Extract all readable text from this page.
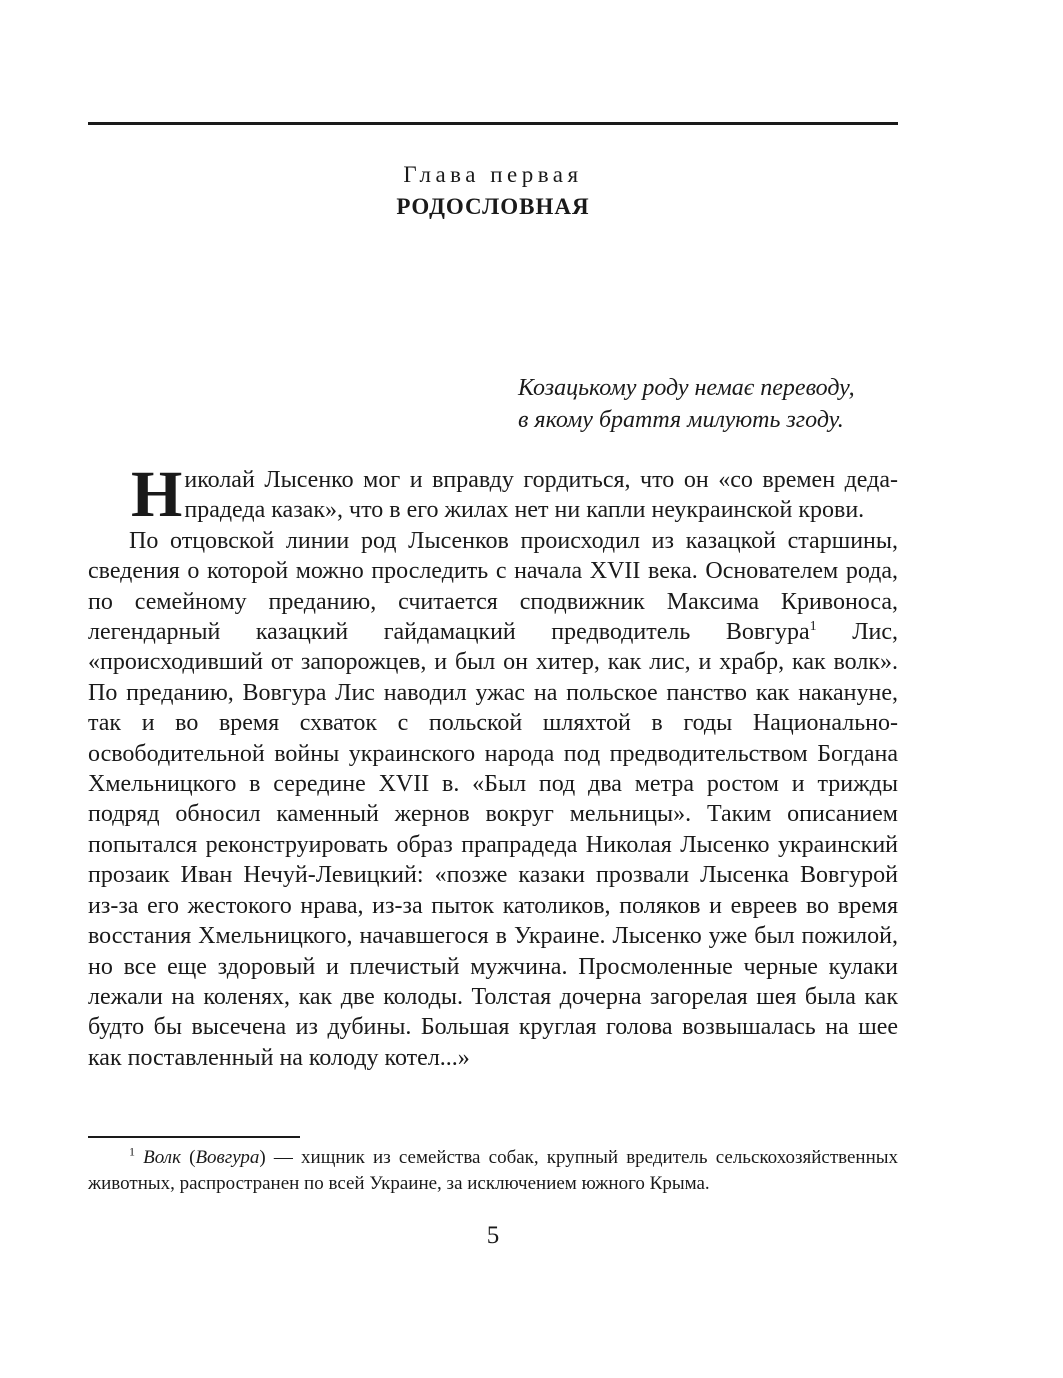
Глава первая
РОДОСЛОВНАЯ
Козацькому роду немає переводу,
в якому браття милують згоду.

Николай Лысенко мог и вправду гордиться, что он «со времен деда-прадеда казак», что в его жилах нет ни капли неукраинской крови.

По отцовской линии род Лысенков происходил из казацкой старшины, сведения о которой можно проследить с начала XVII века. Основателем рода, по семейному преданию, считается сподвижник Максима Кривоноса, легендарный казацкий гайдамацкий предводитель Вовгура$^1$ Лис, «происходивший от запорожцев, и был он хитер, как лис, и храбр, как волк». По преданию, Вовгура Лис наводил ужас на польское панство как накануне, так и во время схваток с польской шляхтой в годы Национально-освободительной войны украинского народа под предводительством Богдана Хмельницкого в середине XVII в. «Был под два метра ростом и трижды подряд обносил каменный жернов вокруг мельницы». Таким описанием попытался реконструировать образ прапрадеда Николая Лысенко украинский прозаик Иван Нечуй-Левицкий: «позже казаки прозвали Лысенка Вовгурой из-за его жестокого нрава, из-за пыток католиков, поляков и евреев во время восстания Хмельницкого, начавшегося в Украине. Лысенко уже был пожилой, но все еще здоровый и плечистый мужчина. Просмоленные черные кулаки лежали на коленях, как две колоды. Толстая дочерна загорелая шея была как будто бы высечена из дубины. Большая круглая голова возвышалась на шее как поставленный на колоду котел...»

$^1$ Волк (Вовгура) — хищник из семейства собак, крупный вредитель сельскохозяйственных животных, распространен по всей Украине, за исключением южного Крыма.
5
